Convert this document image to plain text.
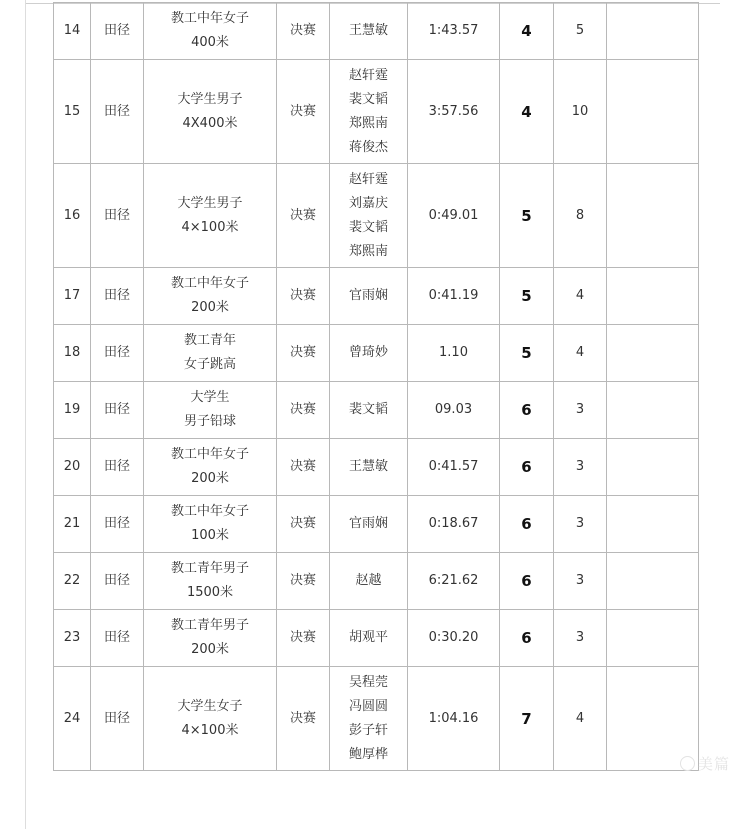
14	田径	教工中年女子
400米	决赛	王慧敏	1:43.57	4	5	
15	田径	大学生男子
4X400米	决赛	赵轩霆
裴文韬
郑熙南
蒋俊杰	3:57.56	4	10	
16	田径	大学生男子
4×100米	决赛	赵轩霆
刘嘉庆
裴文韬
郑熙南	0:49.01	5	8	
17	田径	教工中年女子
200米	决赛	官雨娴	0:41.19	5	4	
18	田径	教工青年
女子跳高	决赛	曾琦妙	1.10	5	4	
19	田径	大学生
男子铅球	决赛	裴文韬	09.03	6	3	
20	田径	教工中年女子
200米	决赛	王慧敏	0:41.57	6	3	
21	田径	教工中年女子
100米	决赛	官雨娴	0:18.67	6	3	
22	田径	教工青年男子
1500米	决赛	赵越	6:21.62	6	3	
23	田径	教工青年男子
200米	决赛	胡观平	0:30.20	6	3	
24	田径	大学生女子
4×100米	决赛	吴程莞
冯圆圆
彭子轩
鲍厚桦	1:04.16	7	4	
美篇
